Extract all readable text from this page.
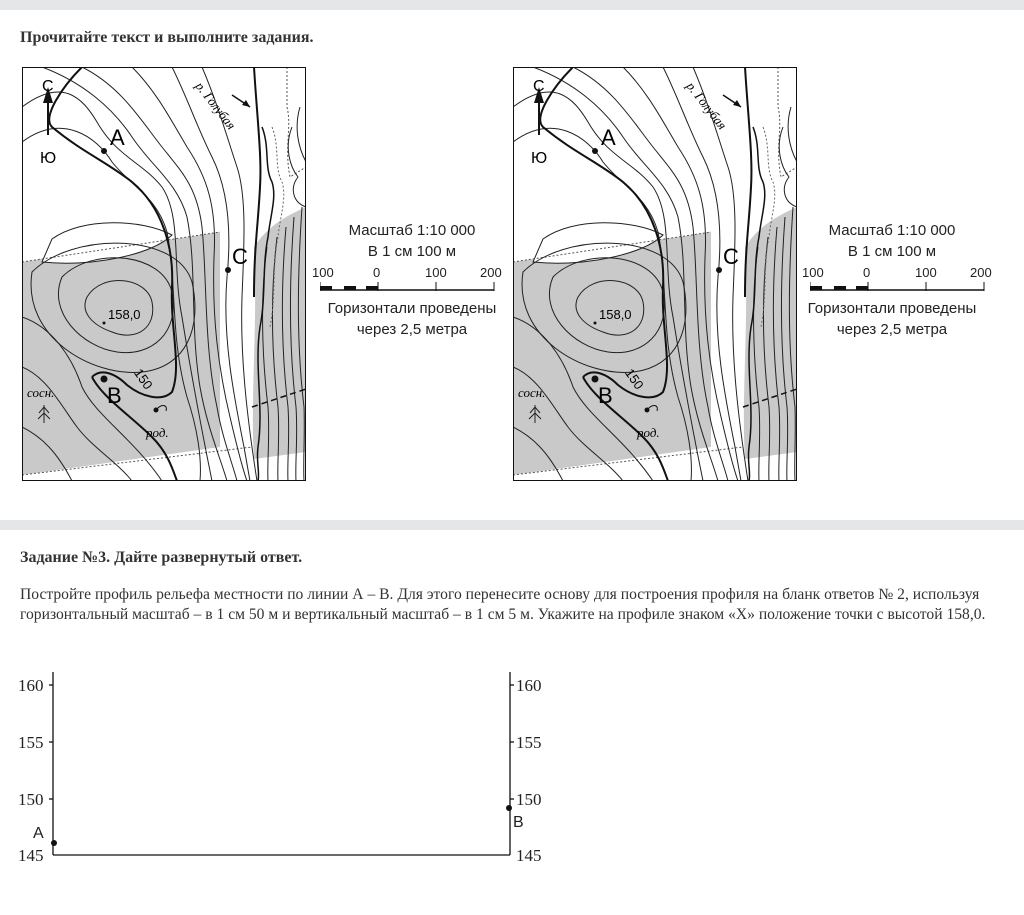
Прочитайте текст и выполните задания.
С
Ю
A
C
B
158,0
150
р. Голубая
сосн.
род.
Масштаб 1:10 000
В 1 см 100 м
100	0	100	200
Горизонтали проведены
через 2,5 метра
С
Ю
A
C
B
158,0
150
р. Голубая
сосн.
род.
Масштаб 1:10 000
В 1 см 100 м
100	0	100	200
Горизонтали проведены
через 2,5 метра
Задание №3. Дайте развернутый ответ.
Постройте профиль рельефа местности по линии А – В. Для этого перенесите основу для построения профиля на бланк ответов № 2, используя горизонтальный масштаб – в 1 см 50 м и вертикальный масштаб – в 1 см 5 м. Укажите на профиле знаком «Х» положение точки с высотой 158,0.
160
155
150
145
160
155
150
145
А
В
